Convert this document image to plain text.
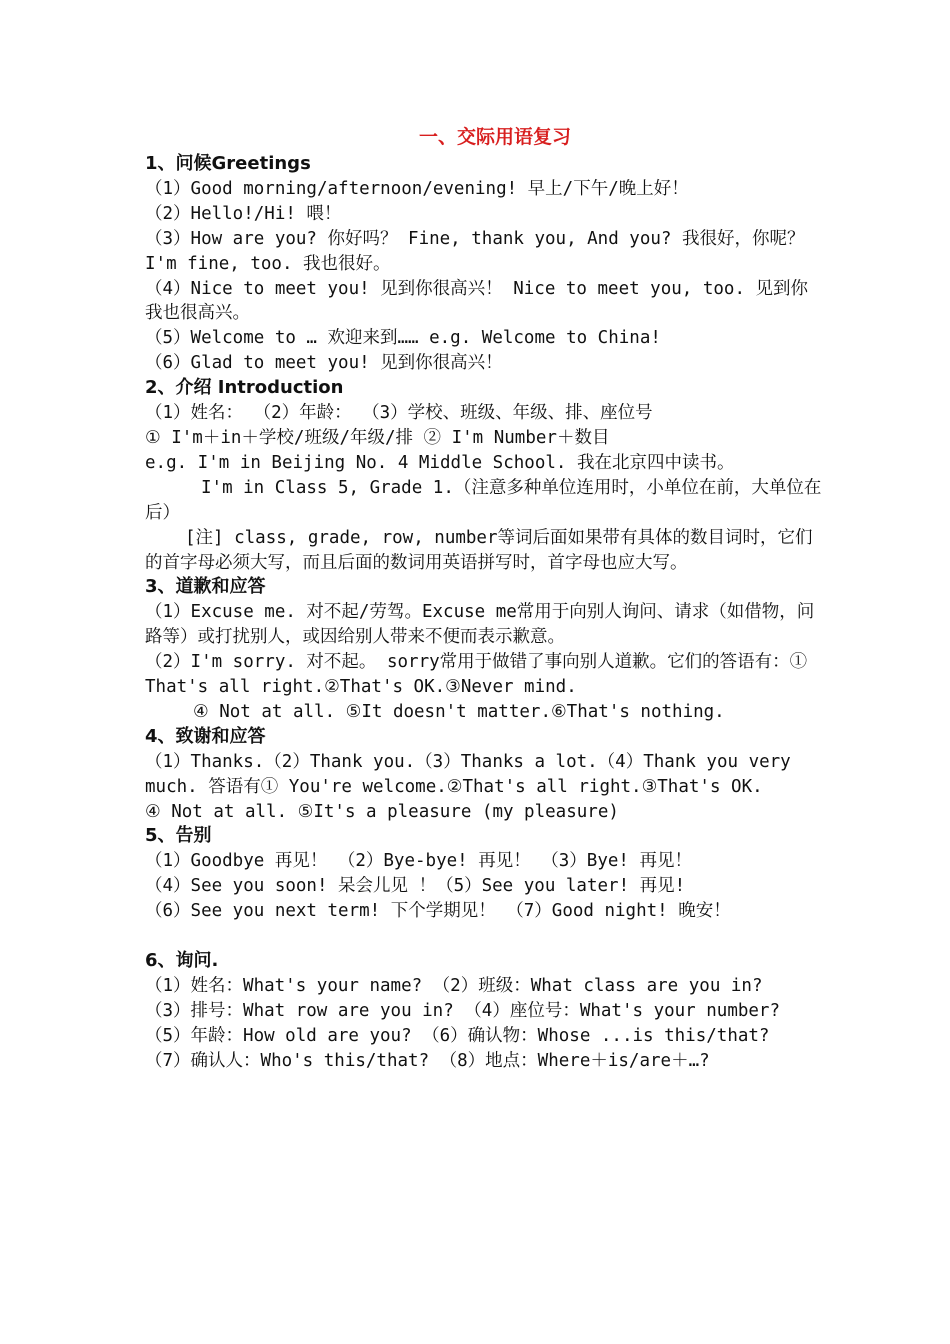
一、交际用语复习
1、问候Greetings
（1）Good morning/afternoon/evening! 早上/下午/晚上好！
（2）Hello!/Hi! 喂！
（3）How are you? 你好吗？ Fine, thank you, And you? 我很好，你呢？I'm fine, too. 我也很好。
（4）Nice to meet you! 见到你很高兴！ Nice to meet you, too. 见到你我也很高兴。
（5）Welcome to … 欢迎来到…… e.g. Welcome to China!
（6）Glad to meet you! 见到你很高兴！
2、介绍 Introduction
（1）姓名： （2）年龄： （3）学校、班级、年级、排、座位号
① I'm＋in＋学校/班级/年级/排 ② I'm Number＋数目
e.g. I'm in Beijing No. 4 Middle School. 我在北京四中读书。
I'm in Class 5, Grade 1.（注意多种单位连用时，小单位在前，大单位在后）
[注] class, grade, row, number等词后面如果带有具体的数目词时，它们的首字母必须大写，而且后面的数词用英语拼写时，首字母也应大写。
3、道歉和应答
（1）Excuse me. 对不起/劳驾。Excuse me常用于向别人询问、请求（如借物，问路等）或打扰别人，或因给别人带来不便而表示歉意。
（2）I'm sorry. 对不起。 sorry常用于做错了事向别人道歉。它们的答语有：① That's all right.②That's OK.③Never mind.
④ Not at all. ⑤It doesn't matter.⑥That's nothing.
4、致谢和应答
（1）Thanks.（2）Thank you.（3）Thanks a lot.（4）Thank you very much. 答语有① You're welcome.②That's all right.③That's OK.
④ Not at all. ⑤It's a pleasure (my pleasure)
5、告别
（1）Goodbye 再见！ （2）Bye-bye! 再见！ （3）Bye! 再见！
（4）See you soon! 呆会儿见 ！（5）See you later! 再见!
（6）See you next term! 下个学期见！ （7）Good night! 晚安！
6、询问.
（1）姓名：What's your name? （2）班级：What class are you in?
（3）排号：What row are you in? （4）座位号：What's your number?
（5）年龄：How old are you? （6）确认物：Whose ...is this/that?
（7）确认人：Who's this/that? （8）地点：Where＋is/are＋…?
